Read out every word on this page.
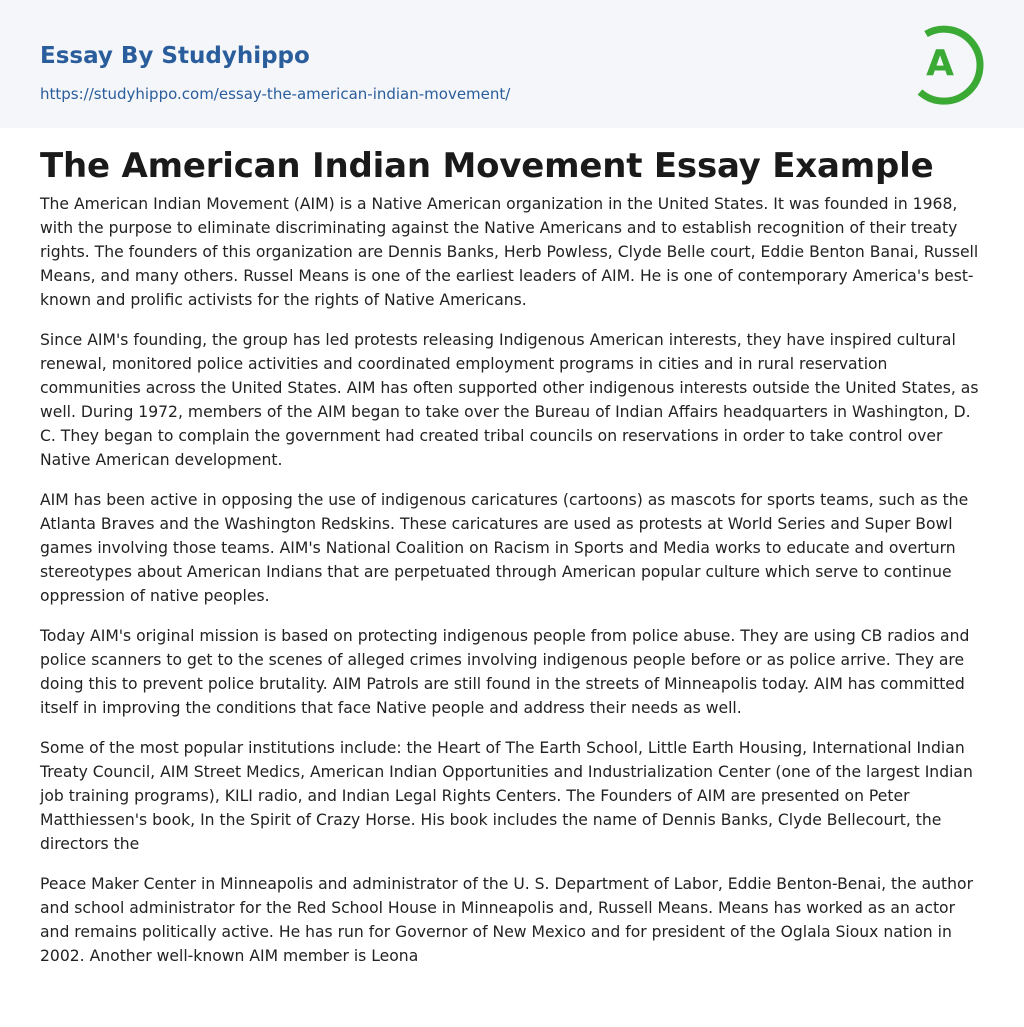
Essay By Studyhippo
https://studyhippo.com/essay-the-american-indian-movement/
A
The American Indian Movement Essay Example

The American Indian Movement (AIM) is a Native American organization in the United States. It was founded in 1968, with the purpose to eliminate discriminating against the Native Americans and to establish recognition of their treaty rights. The founders of this organization are Dennis Banks, Herb Powless, Clyde Belle court, Eddie Benton Banai, Russell Means, and many others. Russel Means is one of the earliest leaders of AIM. He is one of contemporary America's best-known and prolific activists for the rights of Native Americans.

Since AIM's founding, the group has led protests releasing Indigenous American interests, they have inspired cultural renewal, monitored police activities and coordinated employment programs in cities and in rural reservation communities across the United States. AIM has often supported other indigenous interests outside the United States, as well. During 1972, members of the AIM began to take over the Bureau of Indian Affairs headquarters in Washington, D. C. They began to complain the government had created tribal councils on reservations in order to take control over Native American development.

AIM has been active in opposing the use of indigenous caricatures (cartoons) as mascots for sports teams, such as the Atlanta Braves and the Washington Redskins. These caricatures are used as protests at World Series and Super Bowl games involving those teams. AIM's National Coalition on Racism in Sports and Media works to educate and overturn stereotypes about American Indians that are perpetuated through American popular culture which serve to continue oppression of native peoples.

Today AIM's original mission is based on protecting indigenous people from police abuse. They are using CB radios and police scanners to get to the scenes of alleged crimes involving indigenous people before or as police arrive. They are doing this to prevent police brutality. AIM Patrols are still found in the streets of Minneapolis today. AIM has committed itself in improving the conditions that face Native people and address their needs as well.

Some of the most popular institutions include: the Heart of The Earth School, Little Earth Housing, International Indian Treaty Council, AIM Street Medics, American Indian Opportunities and Industrialization Center (one of the largest Indian job training programs), KILI radio, and Indian Legal Rights Centers. The Founders of AIM are presented on Peter Matthiessen's book, In the Spirit of Crazy Horse. His book includes the name of Dennis Banks, Clyde Bellecourt, the directors the

Peace Maker Center in Minneapolis and administrator of the U. S. Department of Labor, Eddie Benton-Benai, the author and school administrator for the Red School House in Minneapolis and, Russell Means. Means has worked as an actor and remains politically active. He has run for Governor of New Mexico and for president of the Oglala Sioux nation in 2002. Another well-known AIM member is Leona
